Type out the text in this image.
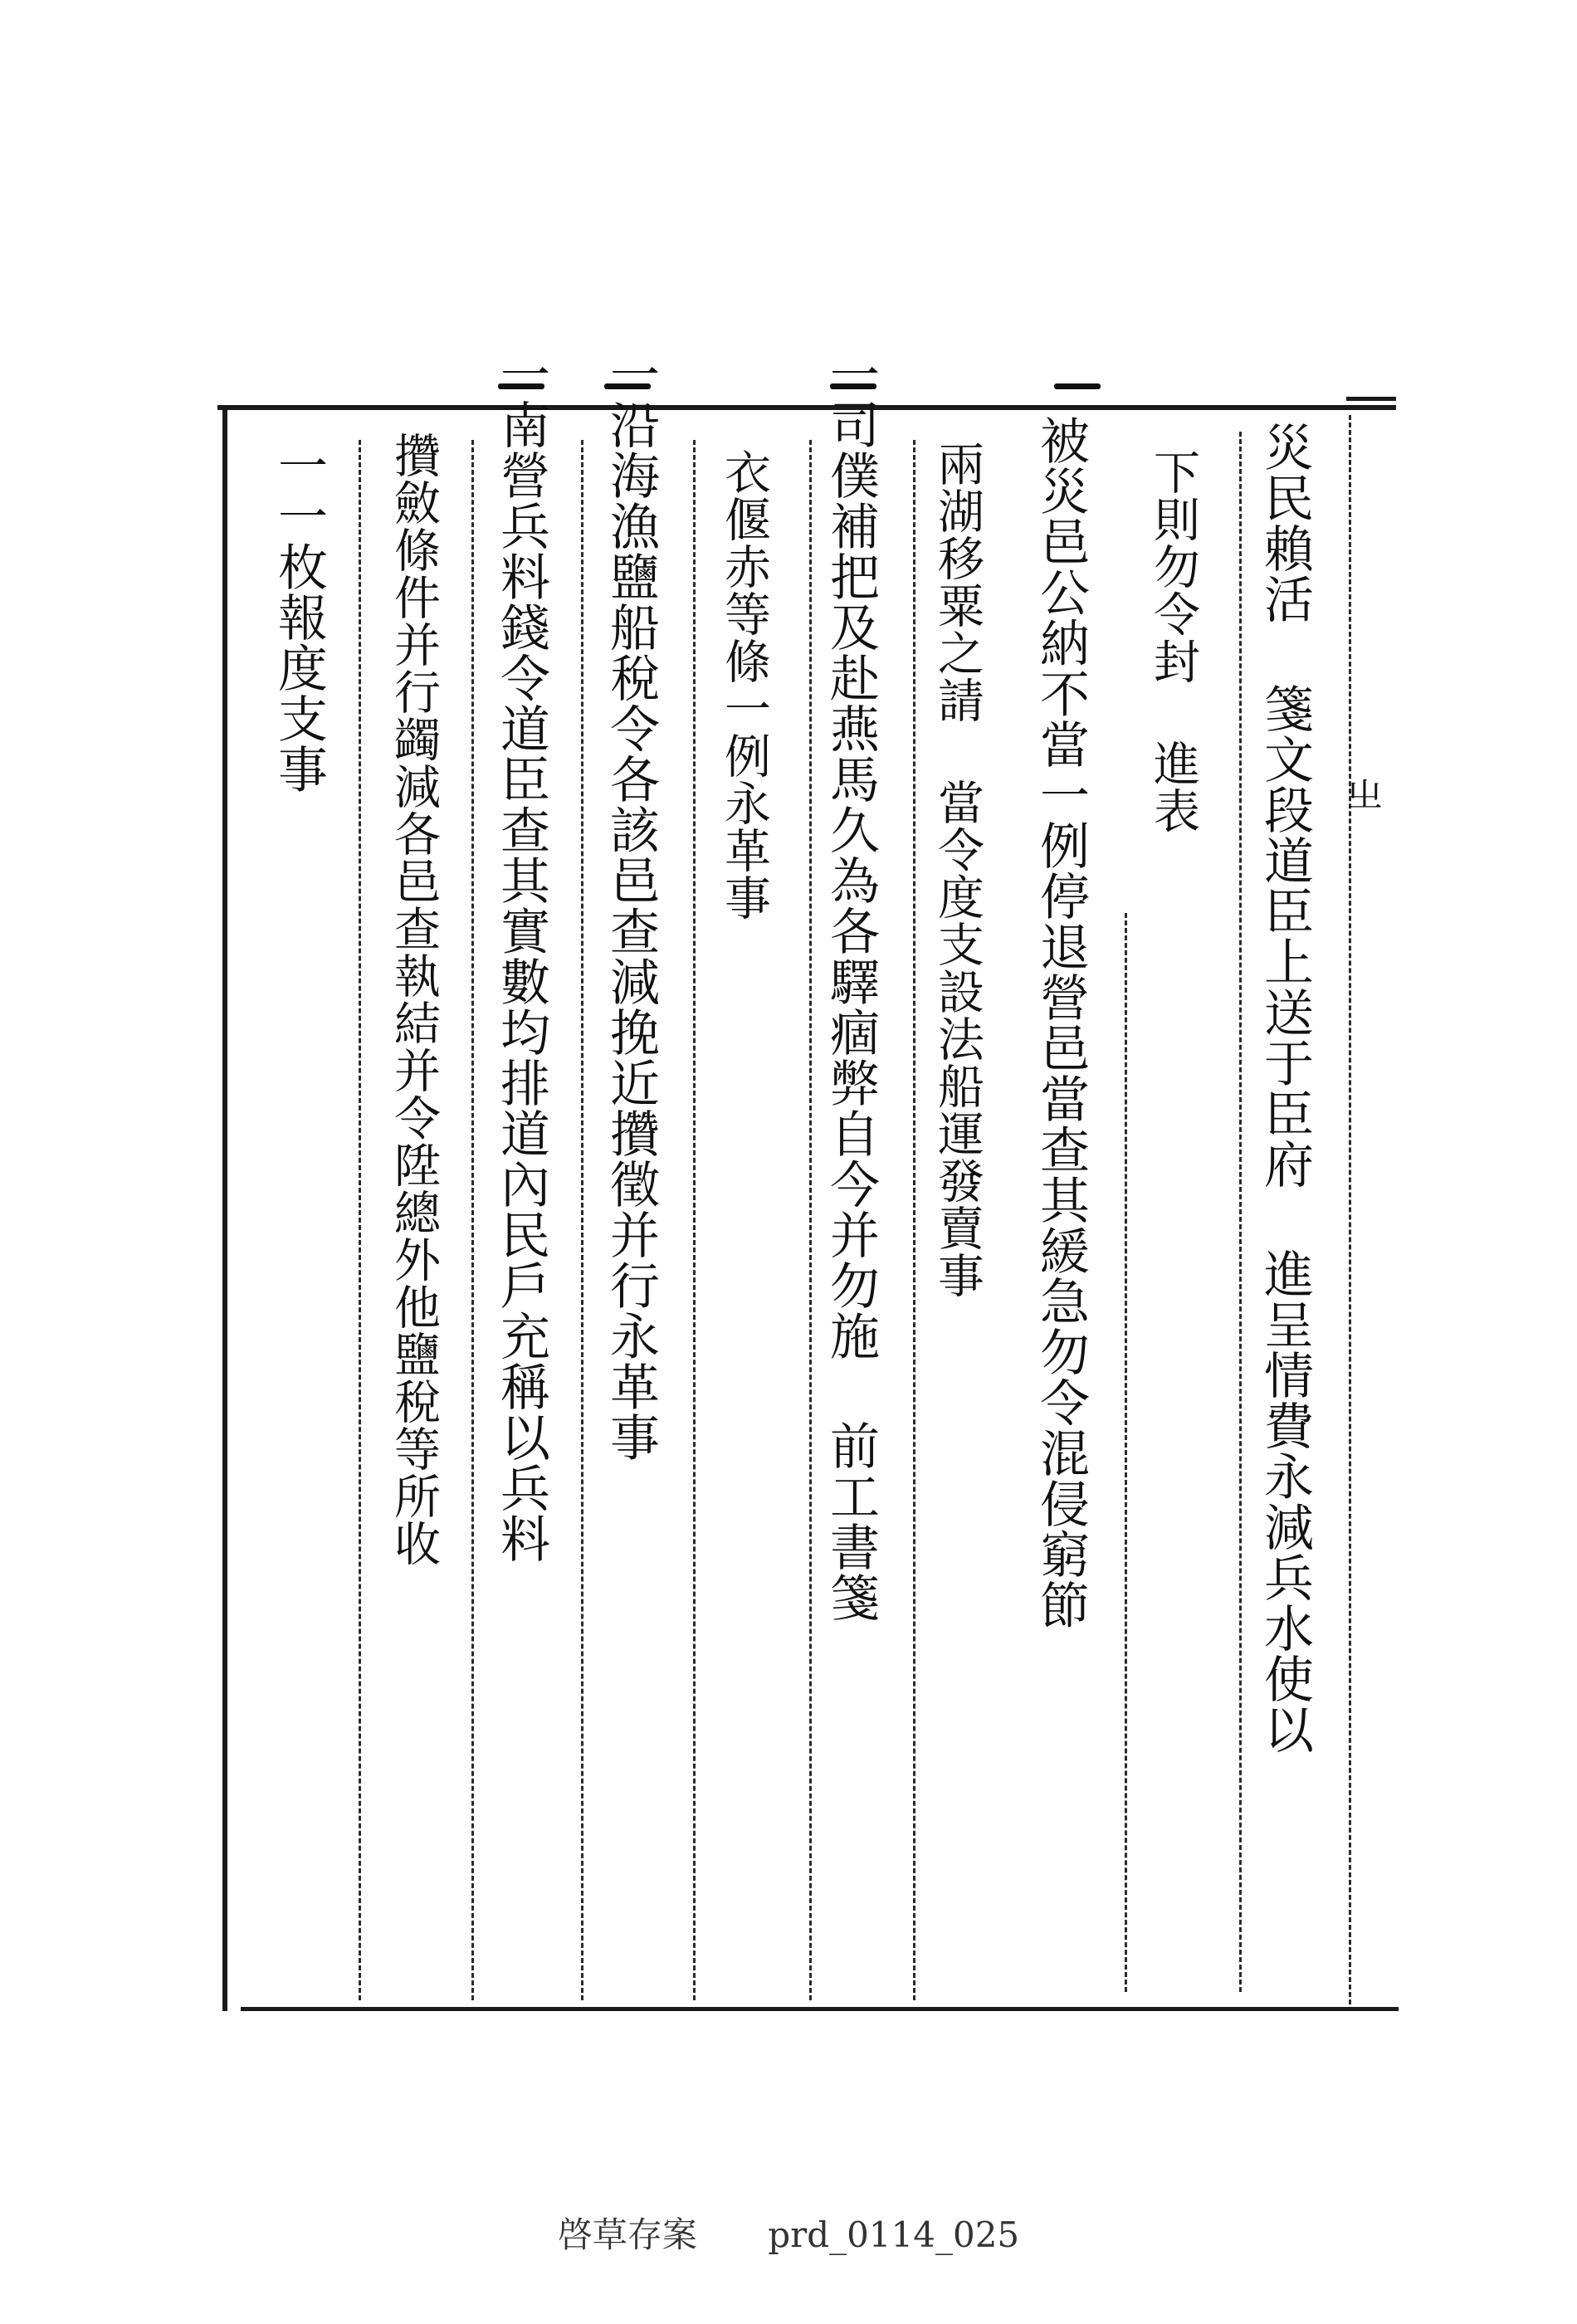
㞢
災民賴活 箋文段道臣上送于臣府 進呈情費永減兵水使以
下則勿令封 進表
被災邑公納不當一例停退營邑當查其緩急勿令混侵窮節
兩湖移粟之請 當令度支設法船運發賣事
一司僕補把及赴燕馬久為各驛痼弊自今并勿施 前工書箋
衣偃赤等條一例永革事
一沿海漁鹽船稅令各該邑查減挽近攢徵并行永革事
一南營兵料錢令道臣查其實數均排道內民戶充稱以兵料
攢斂條件并行蠲減各邑查執結并令陞總外他鹽稅等所收
一一枚報度支事
啓草存案 prd_0114_025
